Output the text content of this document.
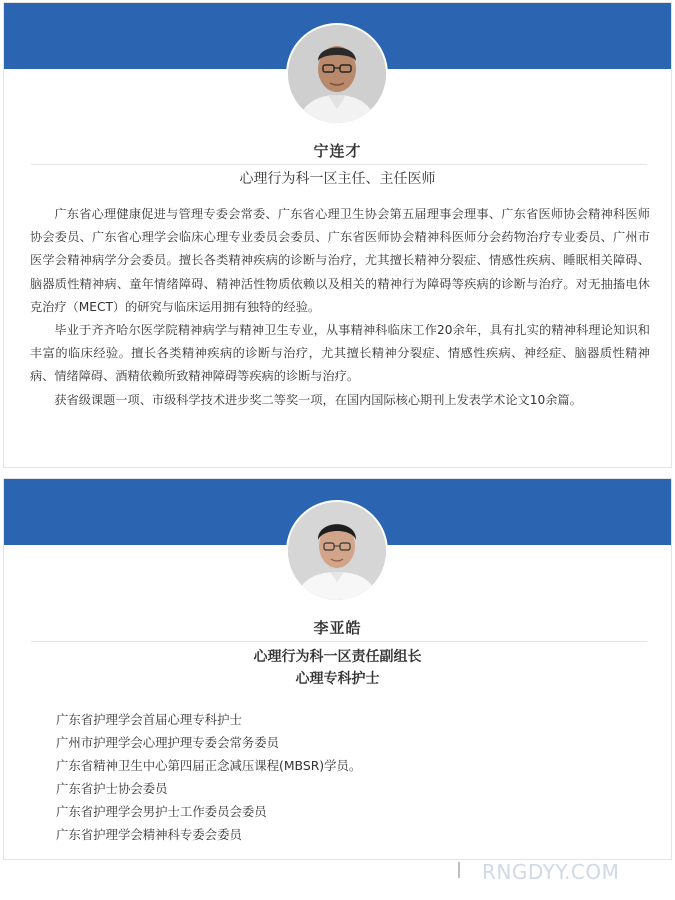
宁连才
心理行为科一区主任、主任医师

广东省心理健康促进与管理专委会常委、广东省心理卫生协会第五届理事会理事、广东省医师协会精神科医师协会委员、广东省心理学会临床心理专业委员会委员、广东省医师协会精神科医师分会药物治疗专业委员、广州市医学会精神病学分会委员。擅长各类精神疾病的诊断与治疗，尤其擅长精神分裂症、情感性疾病、睡眠相关障碍、脑器质性精神病、童年情绪障碍、精神活性物质依赖以及相关的精神行为障碍等疾病的诊断与治疗。对无抽搐电休克治疗（MECT）的研究与临床运用拥有独特的经验。

毕业于齐齐哈尔医学院精神病学与精神卫生专业，从事精神科临床工作20余年，具有扎实的精神科理论知识和丰富的临床经验。擅长各类精神疾病的诊断与治疗，尤其擅长精神分裂症、情感性疾病、神经症、脑器质性精神病、情绪障碍、酒精依赖所致精神障碍等疾病的诊断与治疗。

获省级课题一项、市级科学技术进步奖二等奖一项，在国内国际核心期刊上发表学术论文10余篇。

李亚皓
心理行为科一区责任副组长
心理专科护士
广东省护理学会首届心理专科护士
广州市护理学会心理护理专委会常务委员
广东省精神卫生中心第四届正念减压课程(MBSR)学员。
广东省护士协会委员
广东省护理学会男护士工作委员会委员
广东省护理学会精神科专委会委员
RNGDYY.COM
